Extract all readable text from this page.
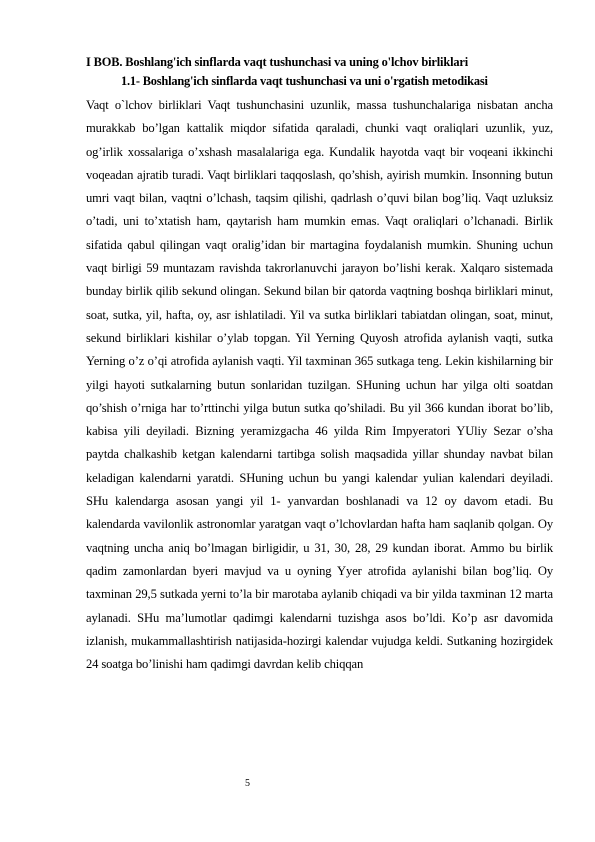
I BOB. Boshlang'ich sinflarda vaqt tushunchasi va uning o'lchov birliklari
1.1- Boshlang'ich sinflarda vaqt tushunchasi va uni o'rgatish metodikasi

Vaqt o`lchov birliklari Vaqt tushunchasini uzunlik, massa tushunchalariga nisbatan ancha murakkab bo’lgan kattalik miqdor sifatida qaraladi, chunki vaqt oraliqlari uzunlik, yuz, og’irlik xossalariga o’xshash masalalariga ega. Kundalik hayotda vaqt bir voqeani ikkinchi voqeadan ajratib turadi. Vaqt birliklari taqqoslash, qo’shish, ayirish mumkin. Insonning butun umri vaqt bilan, vaqtni o’lchash, taqsim qilishi, qadrlash o’quvi bilan bog’liq. Vaqt uzluksiz o’tadi, uni to’xtatish ham, qaytarish ham mumkin emas. Vaqt oraliqlari o’lchanadi. Birlik sifatida qabul qilingan vaqt oralig’idan bir martagina foydalanish mumkin. Shuning uchun vaqt birligi 59 muntazam ravishda takrorlanuvchi jarayon bo’lishi kerak. Xalqaro sistemada bunday birlik qilib sekund olingan. Sekund bilan bir qatorda vaqtning boshqa birliklari minut, soat, sutka, yil, hafta, oy, asr ishlatiladi. Yil va sutka birliklari tabiatdan olingan, soat, minut, sekund birliklari kishilar o’ylab topgan. Yil Yerning Quyosh atrofida aylanish vaqti, sutka Yerning o’z o’qi atrofida aylanish vaqti. Yil taxminan 365 sutkaga teng. Lekin kishilarning bir yilgi hayoti sutkalarning butun sonlaridan tuzilgan. SHuning uchun har yilga olti soatdan qo’shish o’rniga har to’rttinchi yilga butun sutka qo’shiladi. Bu yil 366 kundan iborat bo’lib, kabisa yili deyiladi. Bizning yeramizgacha 46 yilda Rim Impyeratori YUliy Sezar o’sha paytda chalkashib ketgan kalendarni tartibga solish maqsadida yillar shunday navbat bilan keladigan kalendarni yaratdi. SHuning uchun bu yangi kalendar yulian kalendari deyiladi. SHu kalendarga asosan yangi yil 1- yanvardan boshlanadi va 12 oy davom etadi. Bu kalendarda vavilonlik astronomlar yaratgan vaqt o’lchovlardan hafta ham saqlanib qolgan. Oy vaqtning uncha aniq bo’lmagan birligidir, u 31, 30, 28, 29 kundan iborat. Ammo bu birlik qadim zamonlardan byeri mavjud va u oyning Yyer atrofida aylanishi bilan bog’liq. Oy taxminan 29,5 sutkada yerni to’la bir marotaba aylanib chiqadi va bir yilda taxminan 12 marta aylanadi. SHu ma’lumotlar qadimgi kalendarni tuzishga asos bo’ldi. Ko’p asr davomida izlanish, mukammallashtirish natijasida-hozirgi kalendar vujudga keldi. Sutkaning hozirgidek 24 soatga bo’linishi ham qadimgi davrdan kelib chiqqan

5
